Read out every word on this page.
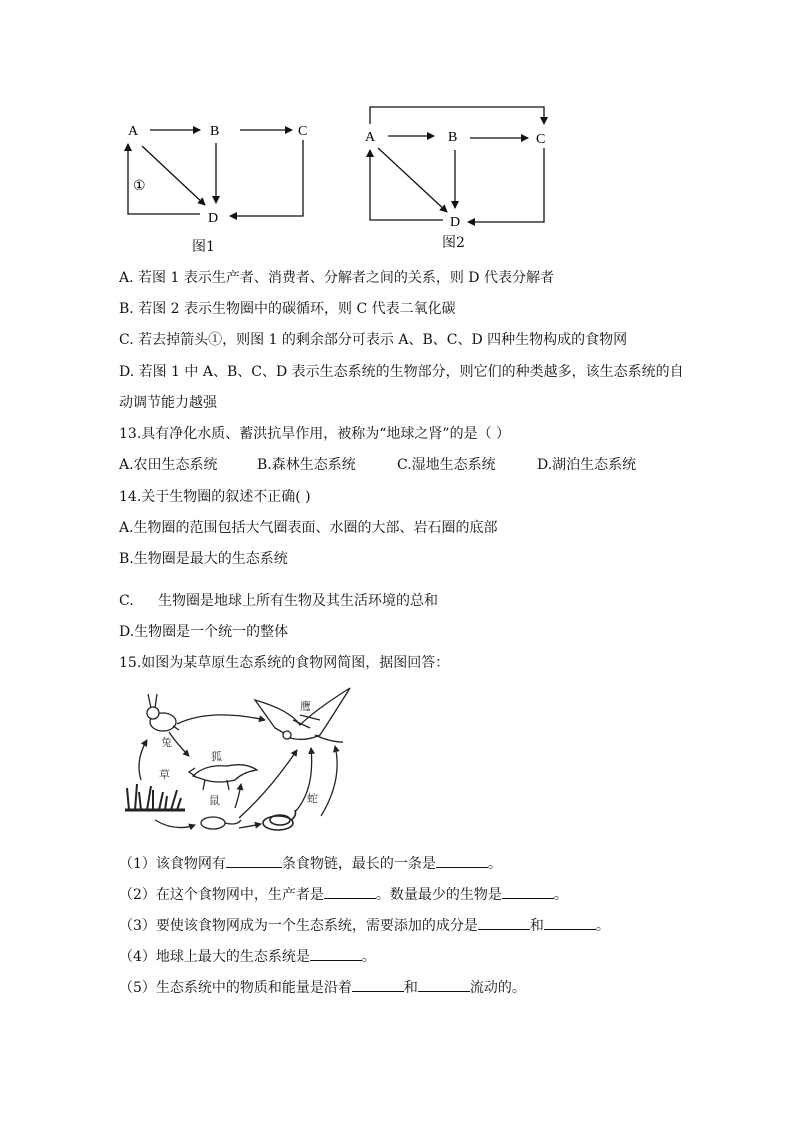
A	B	C
D
①
A	B	C
D
图1	图2
A. 若图 1 表示生产者、消费者、分解者之间的关系，则 D 代表分解者
B. 若图 2 表示生物圈中的碳循环，则 C 代表二氧化碳
C. 若去掉箭头①，则图 1 的剩余部分可表示 A、B、C、D 四种生物构成的食物网
D. 若图 1 中 A、B、C、D 表示生态系统的生物部分，则它们的种类越多，该生态系统的自
动调节能力越强
13.具有净化水质、蓄洪抗旱作用，被称为“地球之肾”的是（ ）
A.农田生态系统	B.森林生态系统	C.湿地生态系统	D.湖泊生态系统
14.关于生物圈的叙述不正确( )
A.生物圈的范围包括大气圈表面、水圈的大部、岩石圈的底部
B.生物圈是最大的生态系统
C. 生物圈是地球上所有生物及其生活环境的总和
D.生物圈是一个统一的整体
15.如图为某草原生态系统的食物网简图，据图回答：
兔
鹰
狐
草
鼠	蛇
（1）该食物网有	条食物链，最长的一条是	。
（2）在这个食物网中，生产者是	。数量最少的生物是	。
（3）要使该食物网成为一个生态系统，需要添加的成分是	和	。
（4）地球上最大的生态系统是	。
（5）生态系统中的物质和能量是沿着	和	流动的。
